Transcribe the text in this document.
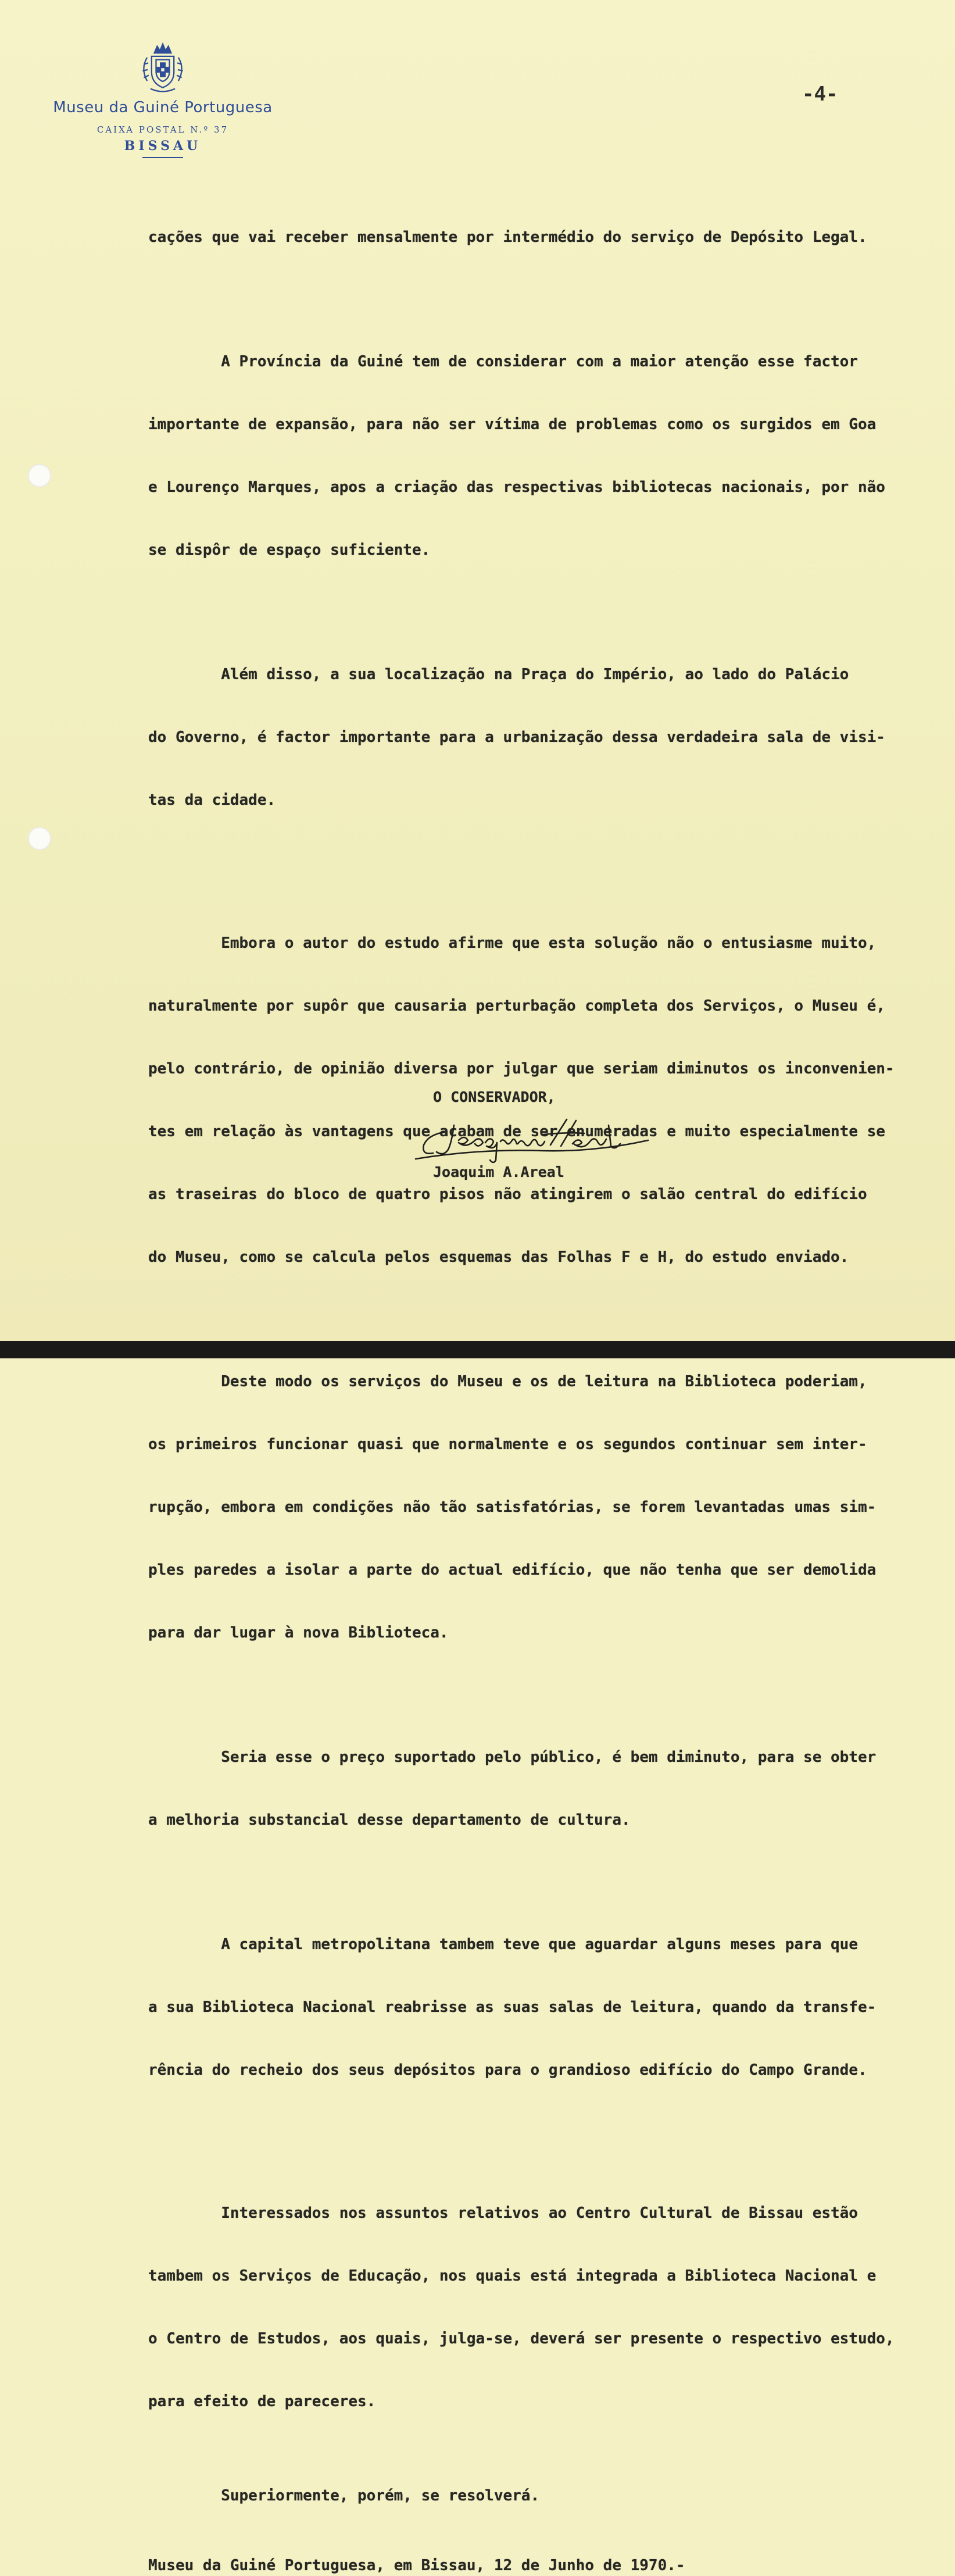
Museu da Guiné Portuguesa
CAIXA POSTAL N.º 37
BISSAU
-4-

cações que vai receber mensalmente por intermédio do serviço de Depósito Legal.

A Província da Guiné tem de considerar com a maior atenção esse factor

importante de expansão, para não ser vítima de problemas como os surgidos em Goa

e Lourenço Marques, apos a criação das respectivas bibliotecas nacionais, por não

se dispôr de espaço suficiente.

Além disso, a sua localização na Praça do Império, ao lado do Palácio

do Governo, é factor importante para a urbanização dessa verdadeira sala de visi-

tas da cidade.

Embora o autor do estudo afirme que esta solução não o entusiasme muito,

naturalmente por supôr que causaria perturbação completa dos Serviços, o Museu é,

pelo contrário, de opinião diversa por julgar que seriam diminutos os inconvenien-

tes em relação às vantagens que acabam de ser enumeradas e muito especialmente se

as traseiras do bloco de quatro pisos não atingirem o salão central do edifício

do Museu, como se calcula pelos esquemas das Folhas F e H, do estudo enviado.

Deste modo os serviços do Museu e os de leitura na Biblioteca poderiam,

os primeiros funcionar quasi que normalmente e os segundos continuar sem inter-

rupção, embora em condições não tão satisfatórias, se forem levantadas umas sim-

ples paredes a isolar a parte do actual edifício, que não tenha que ser demolida

para dar lugar à nova Biblioteca.

Seria esse o preço suportado pelo público, é bem diminuto, para se obter

a melhoria substancial desse departamento de cultura.

A capital metropolitana tambem teve que aguardar alguns meses para que

a sua Biblioteca Nacional reabrisse as suas salas de leitura, quando da transfe-

rência do recheio dos seus depósitos para o grandioso edifício do Campo Grande.

Interessados nos assuntos relativos ao Centro Cultural de Bissau estão

tambem os Serviços de Educação, nos quais está integrada a Biblioteca Nacional e

o Centro de Estudos, aos quais, julga-se, deverá ser presente o respectivo estudo,

para efeito de pareceres.

Superiormente, porém, se resolverá.
Museu da Guiné Portuguesa, em Bissau, 12 de Junho de 1970.-
O CONSERVADOR,
Joaquim A.Areal
